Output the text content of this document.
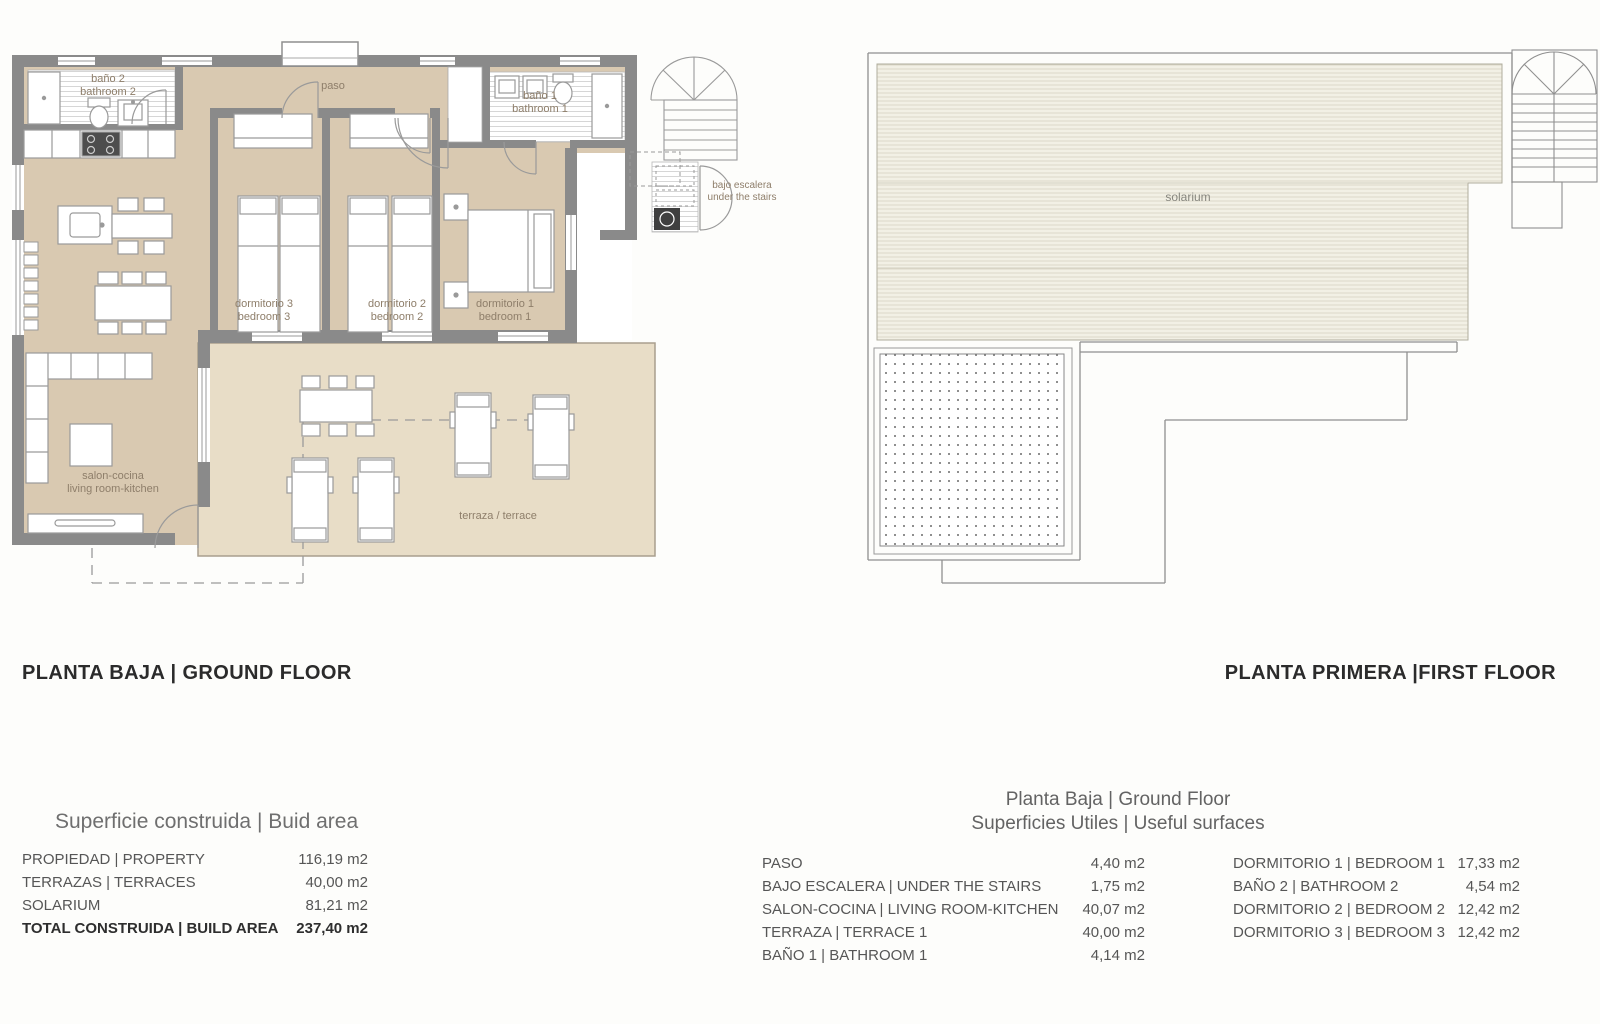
baño 2
bathroom 2	paso
baño 1
bathroom 1
bajo escalera
under the stairs
dormitorio 3
bedroom 3
dormitorio 2
bedroom 2
dormitorio 1
bedroom 1
salon-cocina
living room-kitchen
terraza / terrace
solarium
PLANTA BAJA | GROUND FLOOR	PLANTA PRIMERA |FIRST FLOOR
Superficie construida | Buid area
PROPIEDAD | PROPERTY	116,19 m2
TERRAZAS | TERRACES	40,00 m2
SOLARIUM	81,21 m2
TOTAL CONSTRUIDA | BUILD AREA 237,40 m2
Planta Baja | Ground Floor
Superficies Utiles | Useful surfaces
PASO	4,40 m2
BAJO ESCALERA | UNDER THE STAIRS	1,75 m2
SALON-COCINA | LIVING ROOM-KITCHEN 40,07 m2
TERRAZA | TERRACE 1	40,00 m2
BAÑO 1 | BATHROOM 1	4,14 m2
DORMITORIO 1 | BEDROOM 1 17,33 m2
BAÑO 2 | BATHROOM 2	4,54 m2
DORMITORIO 2 | BEDROOM 2 12,42 m2
DORMITORIO 3 | BEDROOM 3 12,42 m2
